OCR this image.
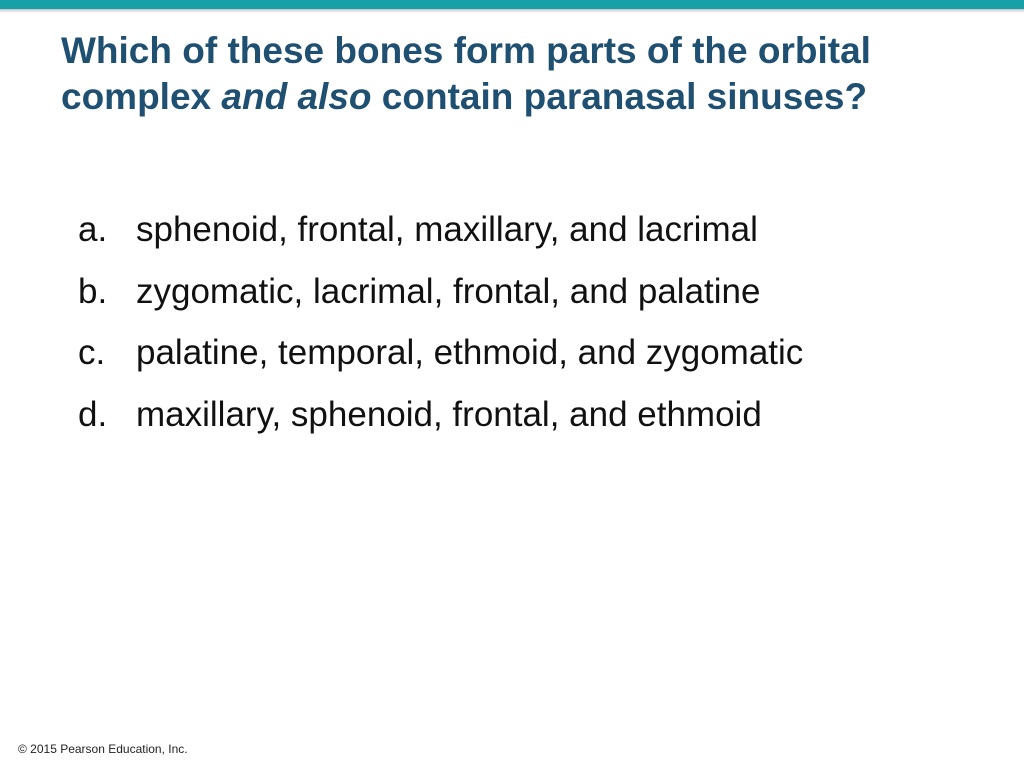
Which of these bones form parts of the orbital complex and also contain paranasal sinuses?
a. sphenoid, frontal, maxillary, and lacrimal
b. zygomatic, lacrimal, frontal, and palatine
c. palatine, temporal, ethmoid, and zygomatic
d. maxillary, sphenoid, frontal, and ethmoid
© 2015 Pearson Education, Inc.
